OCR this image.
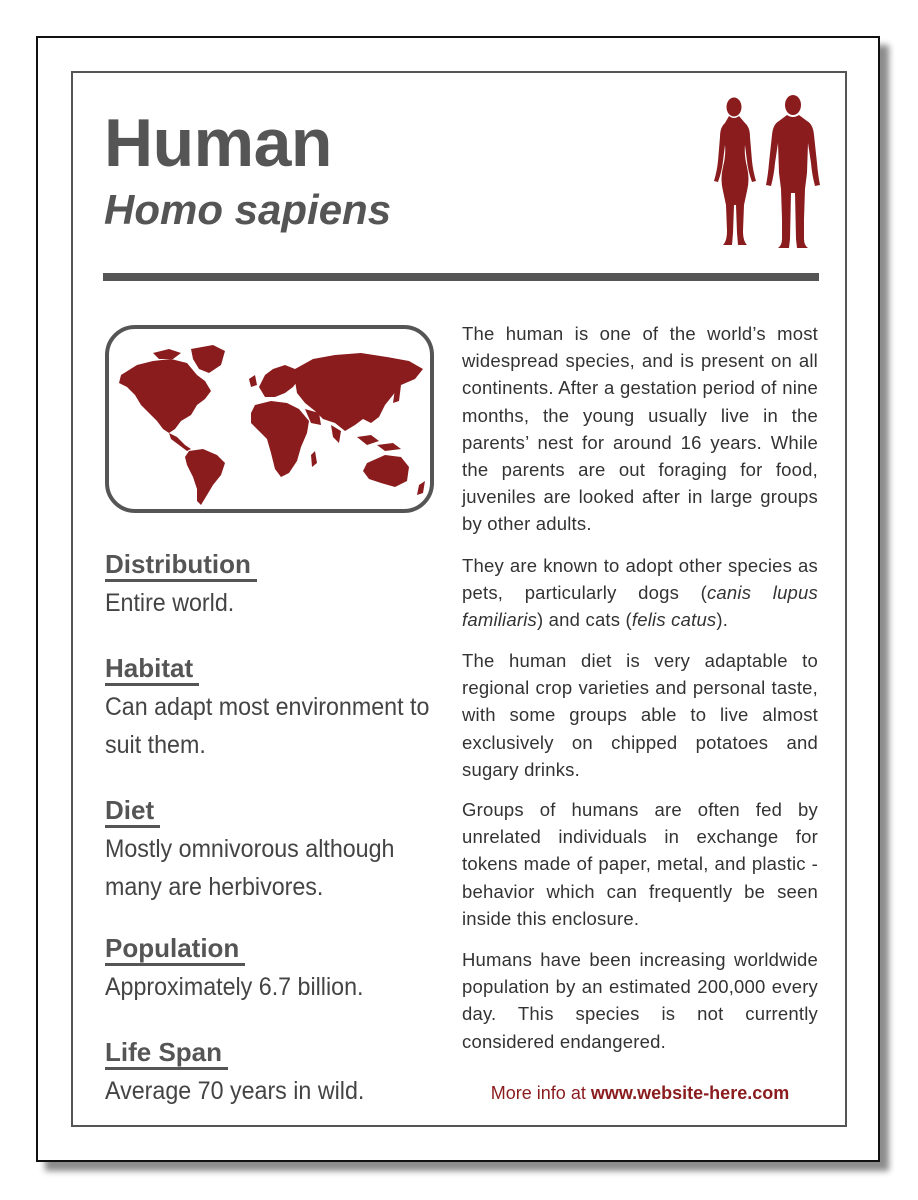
Human
Homo sapiens
Distribution
Entire world.
Habitat
Can adapt most environment to suit them.
Diet
Mostly omnivorous although many are herbivores.
Population
Approximately 6.7 billion.
Life Span
Average 70 years in wild.

The human is one of the world’s most widespread species, and is present on all continents. After a gestation period of nine months, the young usually live in the parents’ nest for around 16 years. While the parents are out foraging for food, juveniles are looked after in large groups by other adults.

They are known to adopt other species as pets, particularly dogs (canis lupus familiaris) and cats (felis catus).

The human diet is very adaptable to regional crop varieties and personal taste, with some groups able to live almost exclusively on chipped potatoes and sugary drinks.

Groups of humans are often fed by unrelated individuals in exchange for tokens made of paper, metal, and plastic - behavior which can frequently be seen inside this enclosure.

Humans have been increasing worldwide population by an estimated 200,000 every day. This species is not currently considered endangered.

More info at www.website-here.com
